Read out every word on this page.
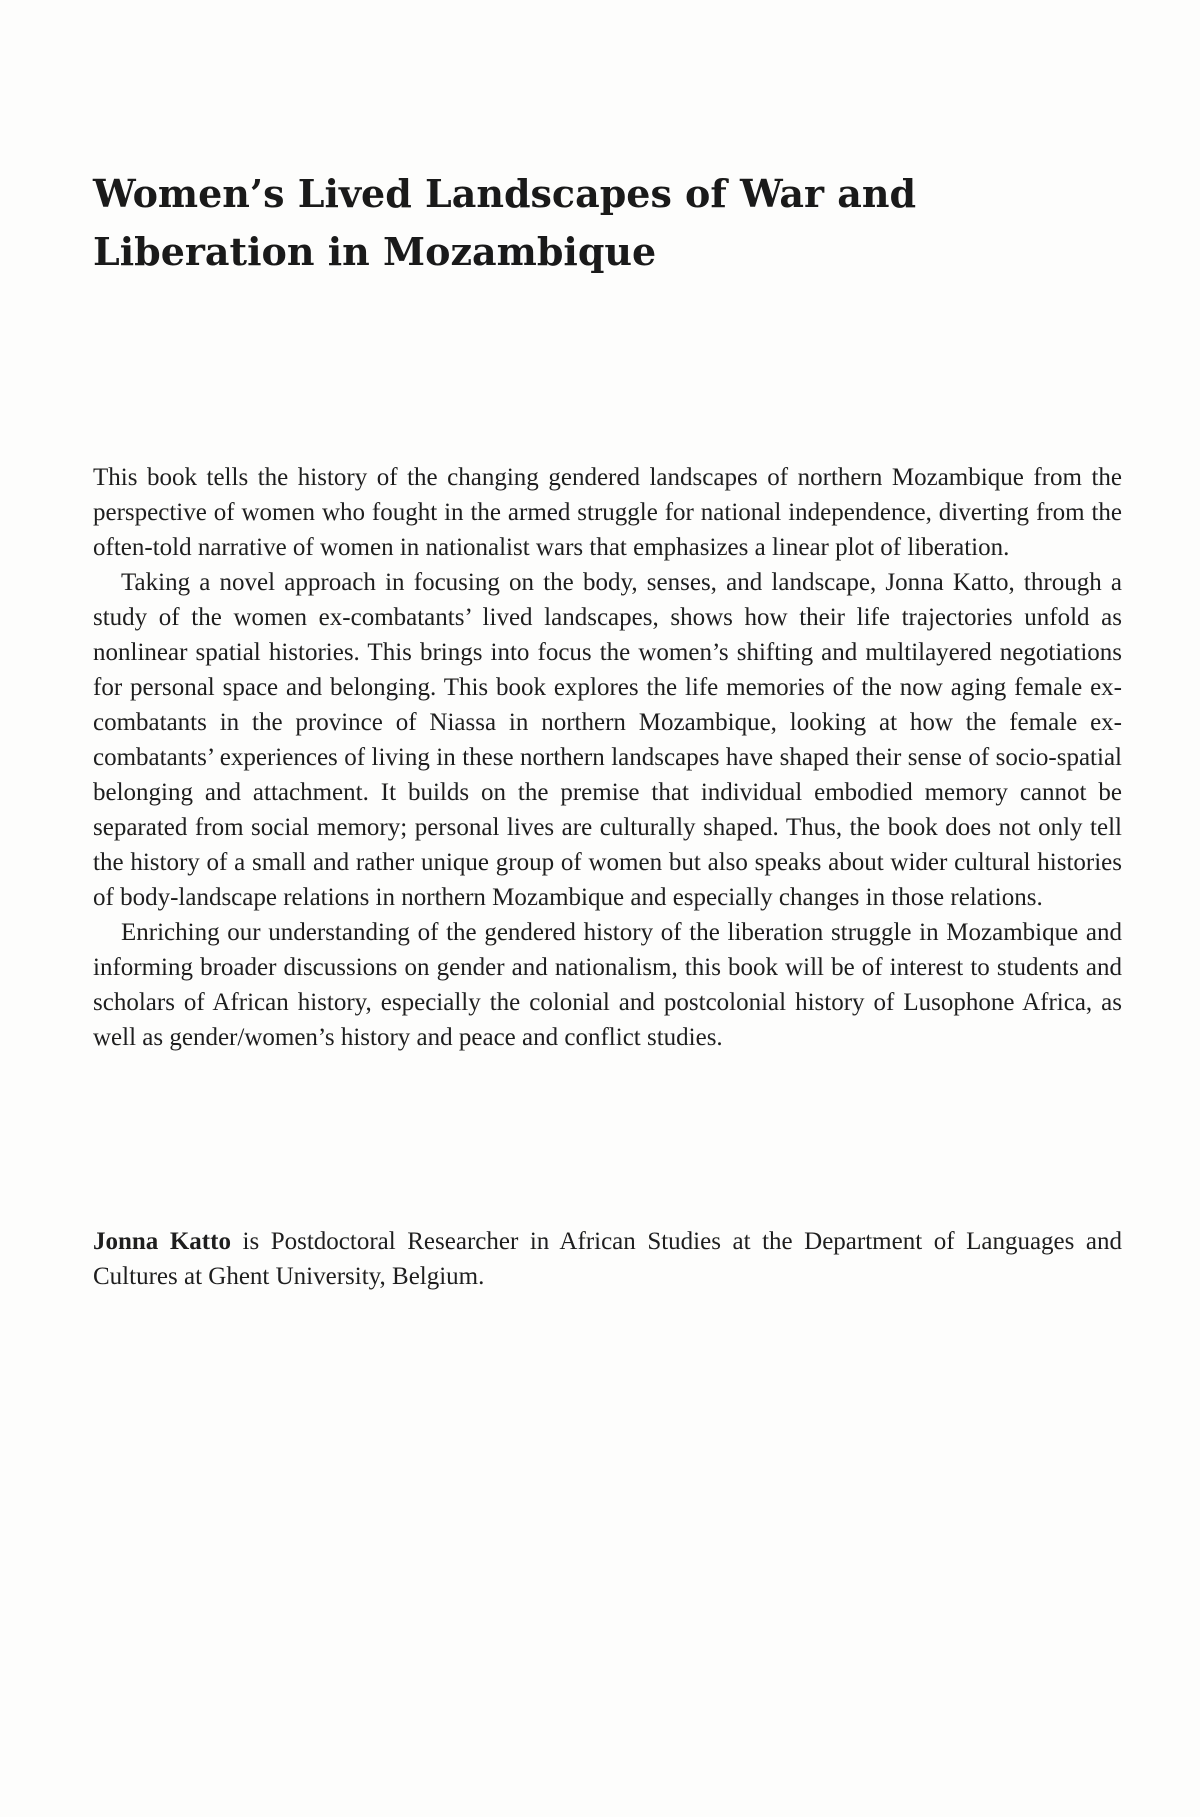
Women’s Lived Landscapes of War and Liberation in Mozambique

This book tells the history of the changing gendered landscapes of northern Mozambique from the perspective of women who fought in the armed struggle for national independence, diverting from the often-told narrative of women in nationalist wars that emphasizes a linear plot of liberation.

Taking a novel approach in focusing on the body, senses, and landscape, Jonna Katto, through a study of the women ex-combatants’ lived landscapes, shows how their life trajectories unfold as nonlinear spatial histories. This brings into focus the women’s shifting and multilayered negotiations for personal space and belonging. This book explores the life memories of the now aging female ex-combatants in the province of Niassa in northern Mozambique, looking at how the female ex-combatants’ experiences of living in these northern landscapes have shaped their sense of socio-spatial belonging and attachment. It builds on the premise that individual embodied memory cannot be separated from social memory; personal lives are culturally shaped. Thus, the book does not only tell the history of a small and rather unique group of women but also speaks about wider cultural histories of body-landscape relations in northern Mozambique and especially changes in those relations.

Enriching our understanding of the gendered history of the liberation struggle in Mozambique and informing broader discussions on gender and nationalism, this book will be of interest to students and scholars of African history, especially the colonial and postcolonial history of Lusophone Africa, as well as gender/women’s history and peace and conflict studies.

Jonna Katto is Postdoctoral Researcher in African Studies at the Department of Languages and Cultures at Ghent University, Belgium.
